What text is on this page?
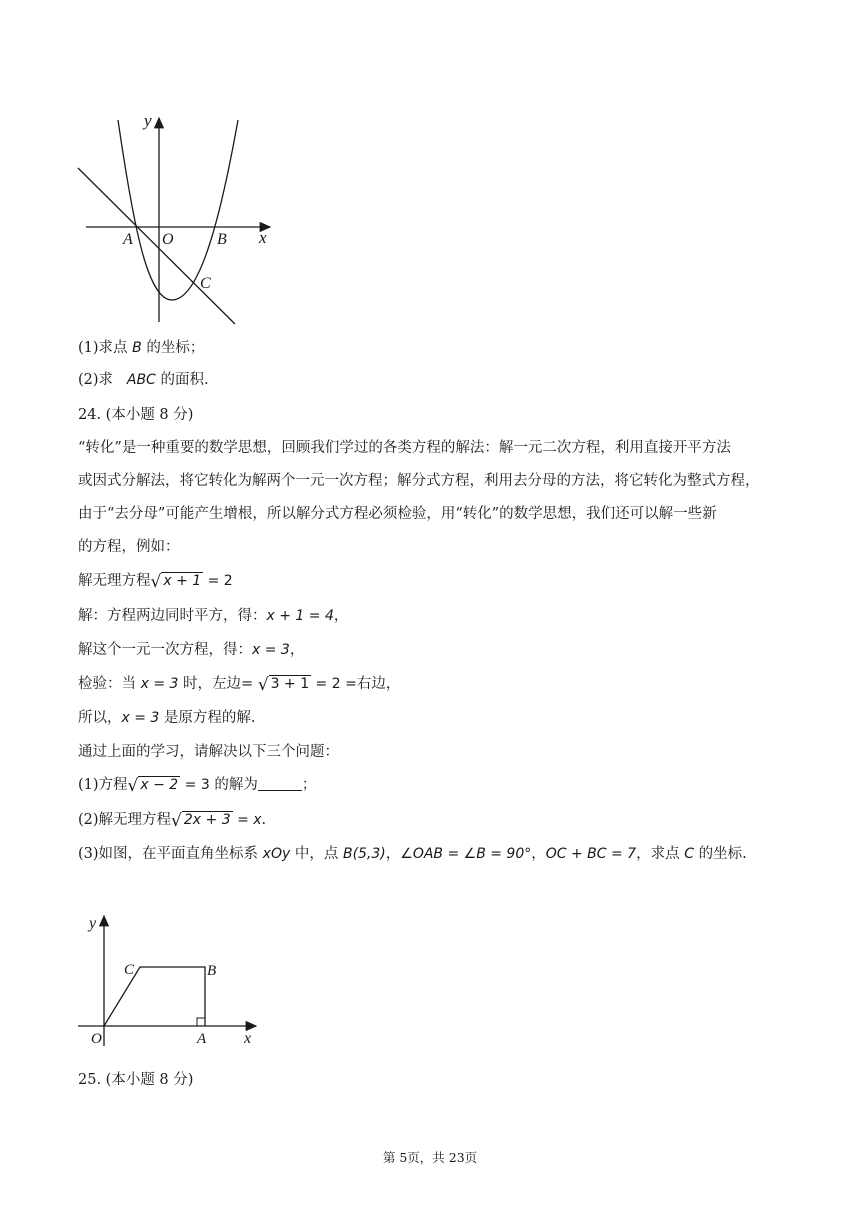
y
x
A O	B
C
(1)求点 B 的坐标；
(2)求   ABC 的面积.
24. (本小题 8 分)
“转化”是一种重要的数学思想，回顾我们学过的各类方程的解法：解一元二次方程，利用直接开平方法
或因式分解法，将它转化为解两个一元一次方程；解分式方程，利用去分母的方法，将它转化为整式方程，
由于“去分母”可能产生增根，所以解分式方程必须检验，用“转化”的数学思想，我们还可以解一些新
的方程，例如：
解无理方程√ x + 1 = 2
解：方程两边同时平方，得：x + 1 = 4，
解这个一元一次方程，得：x = 3，
检验：当 x = 3 时，左边= √ 3 + 1 = 2 =右边，
所以，x = 3 是原方程的解.
通过上面的学习，请解决以下三个问题：
(1)方程√ x − 2 = 3 的解为	；
(2)解无理方程√ 2x + 3 = x.
(3)如图，在平面直角坐标系 xOy 中，点 B(5,3)，∠OAB = ∠B = 90°，OC + BC = 7，求点 C 的坐标.
y
x
O	A
B
C
25. (本小题 8 分)
第 5页，共 23页
